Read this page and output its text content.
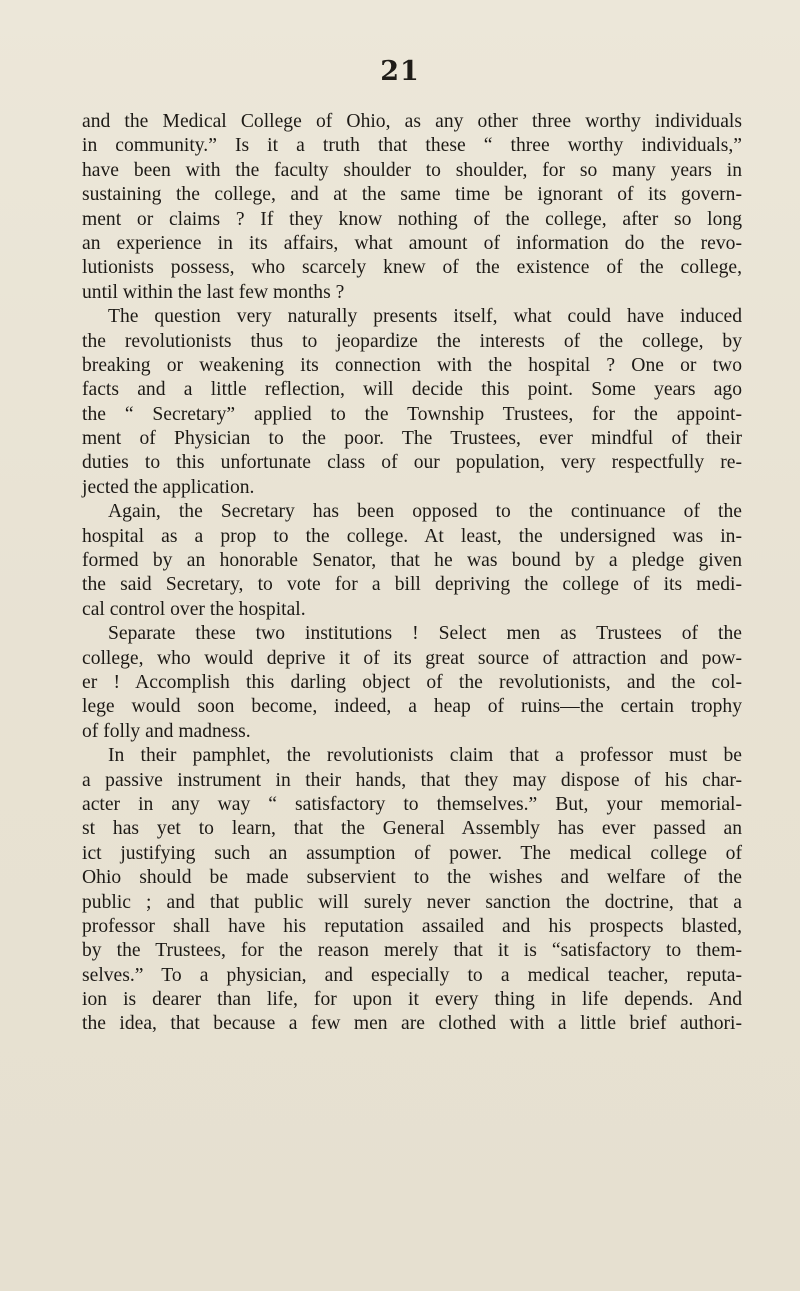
21
and the Medical College of Ohio, as any other three worthy individuals
in community.” Is it a truth that these “ three worthy individuals,”
have been with the faculty shoulder to shoulder, for so many years in
sustaining the college, and at the same time be ignorant of its govern-
ment or claims ? If they know nothing of the college, after so long
an experience in its affairs, what amount of information do the revo-
lutionists possess, who scarcely knew of the existence of the college,
until within the last few months ?
The question very naturally presents itself, what could have induced
the revolutionists thus to jeopardize the interests of the college, by
breaking or weakening its connection with the hospital ? One or two
facts and a little reflection, will decide this point. Some years ago
the “ Secretary” applied to the Township Trustees, for the appoint-
ment of Physician to the poor. The Trustees, ever mindful of their
duties to this unfortunate class of our population, very respectfully re-
jected the application.
Again, the Secretary has been opposed to the continuance of the
hospital as a prop to the college. At least, the undersigned was in-
formed by an honorable Senator, that he was bound by a pledge given
the said Secretary, to vote for a bill depriving the college of its medi-
cal control over the hospital.
Separate these two institutions ! Select men as Trustees of the
college, who would deprive it of its great source of attraction and pow-
er ! Accomplish this darling object of the revolutionists, and the col-
lege would soon become, indeed, a heap of ruins—the certain trophy
of folly and madness.
In their pamphlet, the revolutionists claim that a professor must be
a passive instrument in their hands, that they may dispose of his char-
acter in any way “ satisfactory to themselves.” But, your memorial-
st has yet to learn, that the General Assembly has ever passed an
ict justifying such an assumption of power. The medical college of
Ohio should be made subservient to the wishes and welfare of the
public ; and that public will surely never sanction the doctrine, that a
professor shall have his reputation assailed and his prospects blasted,
by the Trustees, for the reason merely that it is “satisfactory to them-
selves.” To a physician, and especially to a medical teacher, reputa-
ion is dearer than life, for upon it every thing in life depends. And
the idea, that because a few men are clothed with a little brief authori-
